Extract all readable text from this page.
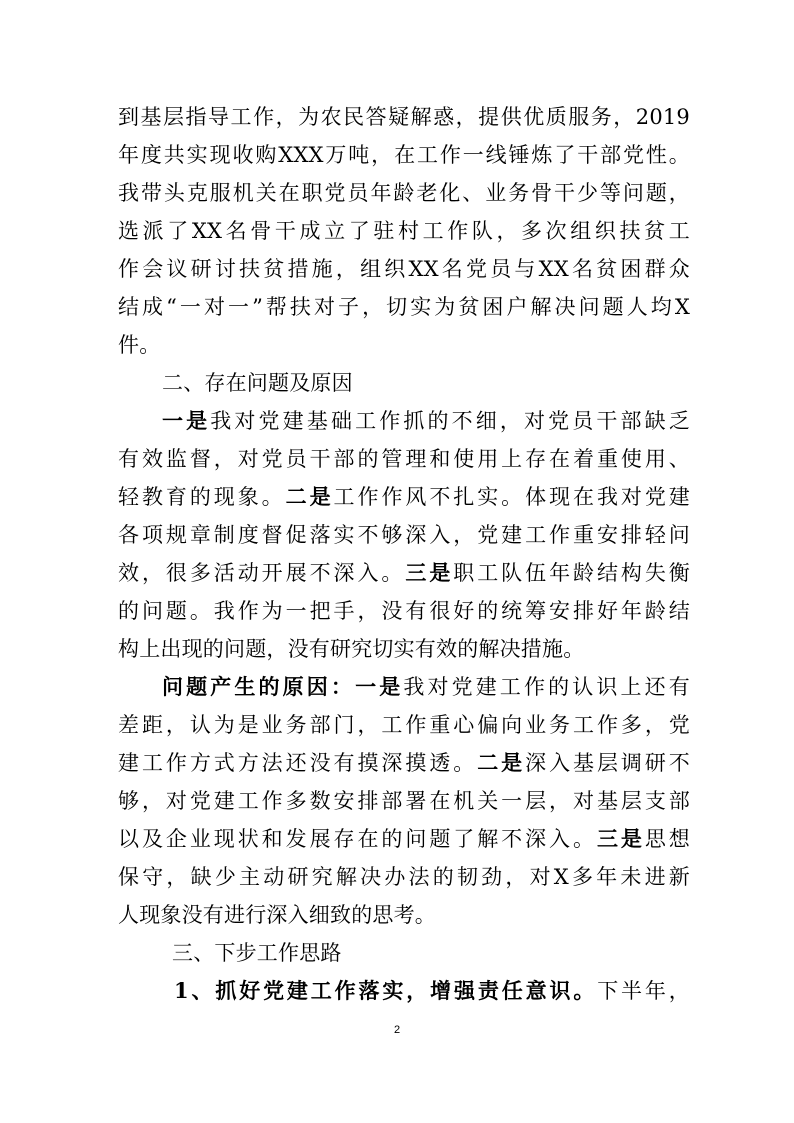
到基层指导工作，为农民答疑解惑，提供优质服务，2019
年度共实现收购XXX万吨，在工作一线锤炼了干部党性。
我带头克服机关在职党员年龄老化、业务骨干少等问题，
选派了XX名骨干成立了驻村工作队，多次组织扶贫工
作会议研讨扶贫措施，组织XX名党员与XX名贫困群众
结成“一对一”帮扶对子，切实为贫困户解决问题人均X
件。
二、存在问题及原因
一是我对党建基础工作抓的不细，对党员干部缺乏
有效监督，对党员干部的管理和使用上存在着重使用、
轻教育的现象。二是工作作风不扎实。体现在我对党建
各项规章制度督促落实不够深入，党建工作重安排轻问
效，很多活动开展不深入。三是职工队伍年龄结构失衡
的问题。我作为一把手，没有很好的统筹安排好年龄结
构上出现的问题，没有研究切实有效的解决措施。
问题产生的原因：一是我对党建工作的认识上还有
差距，认为是业务部门，工作重心偏向业务工作多，党
建工作方式方法还没有摸深摸透。二是深入基层调研不
够，对党建工作多数安排部署在机关一层，对基层支部
以及企业现状和发展存在的问题了解不深入。三是思想
保守，缺少主动研究解决办法的韧劲，对X多年未进新
人现象没有进行深入细致的思考。
三、下步工作思路
1、抓好党建工作落实，增强责任意识。下半年，
2
